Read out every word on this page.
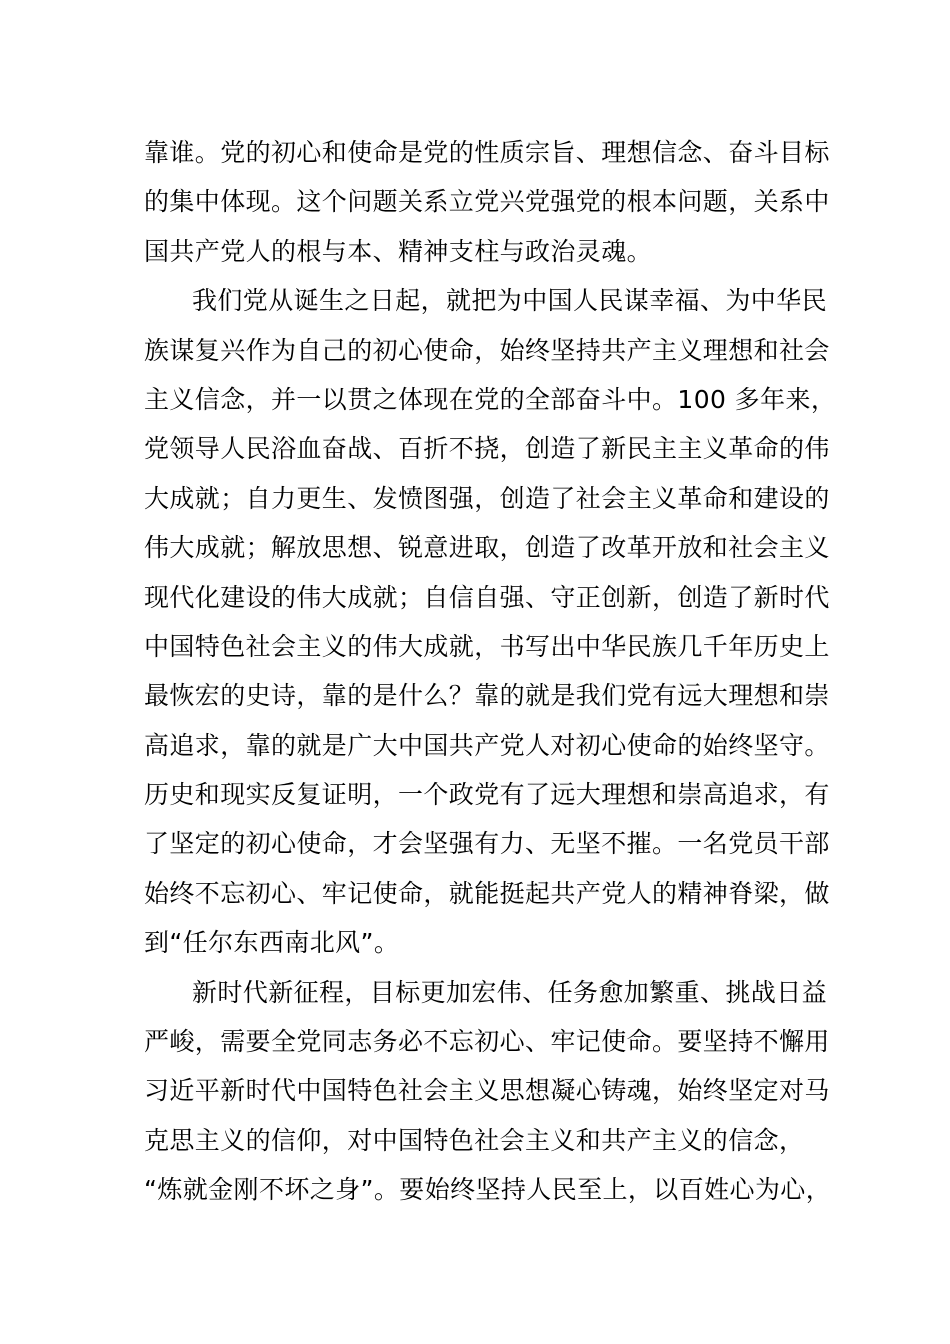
靠谁。党的初心和使命是党的性质宗旨、理想信念、奋斗目标
的集中体现。这个问题关系立党兴党强党的根本问题，关系中
国共产党人的根与本、精神支柱与政治灵魂。
我们党从诞生之日起，就把为中国人民谋幸福、为中华民
族谋复兴作为自己的初心使命，始终坚持共产主义理想和社会
主义信念，并一以贯之体现在党的全部奋斗中。100 多年来，
党领导人民浴血奋战、百折不挠，创造了新民主主义革命的伟
大成就；自力更生、发愤图强，创造了社会主义革命和建设的
伟大成就；解放思想、锐意进取，创造了改革开放和社会主义
现代化建设的伟大成就；自信自强、守正创新，创造了新时代
中国特色社会主义的伟大成就，书写出中华民族几千年历史上
最恢宏的史诗，靠的是什么？靠的就是我们党有远大理想和崇
高追求，靠的就是广大中国共产党人对初心使命的始终坚守。
历史和现实反复证明，一个政党有了远大理想和崇高追求，有
了坚定的初心使命，才会坚强有力、无坚不摧。一名党员干部
始终不忘初心、牢记使命，就能挺起共产党人的精神脊梁，做
到“任尔东西南北风”。
新时代新征程，目标更加宏伟、任务愈加繁重、挑战日益
严峻，需要全党同志务必不忘初心、牢记使命。要坚持不懈用
习近平新时代中国特色社会主义思想凝心铸魂，始终坚定对马
克思主义的信仰，对中国特色社会主义和共产主义的信念，
“炼就金刚不坏之身”。要始终坚持人民至上，以百姓心为心，
